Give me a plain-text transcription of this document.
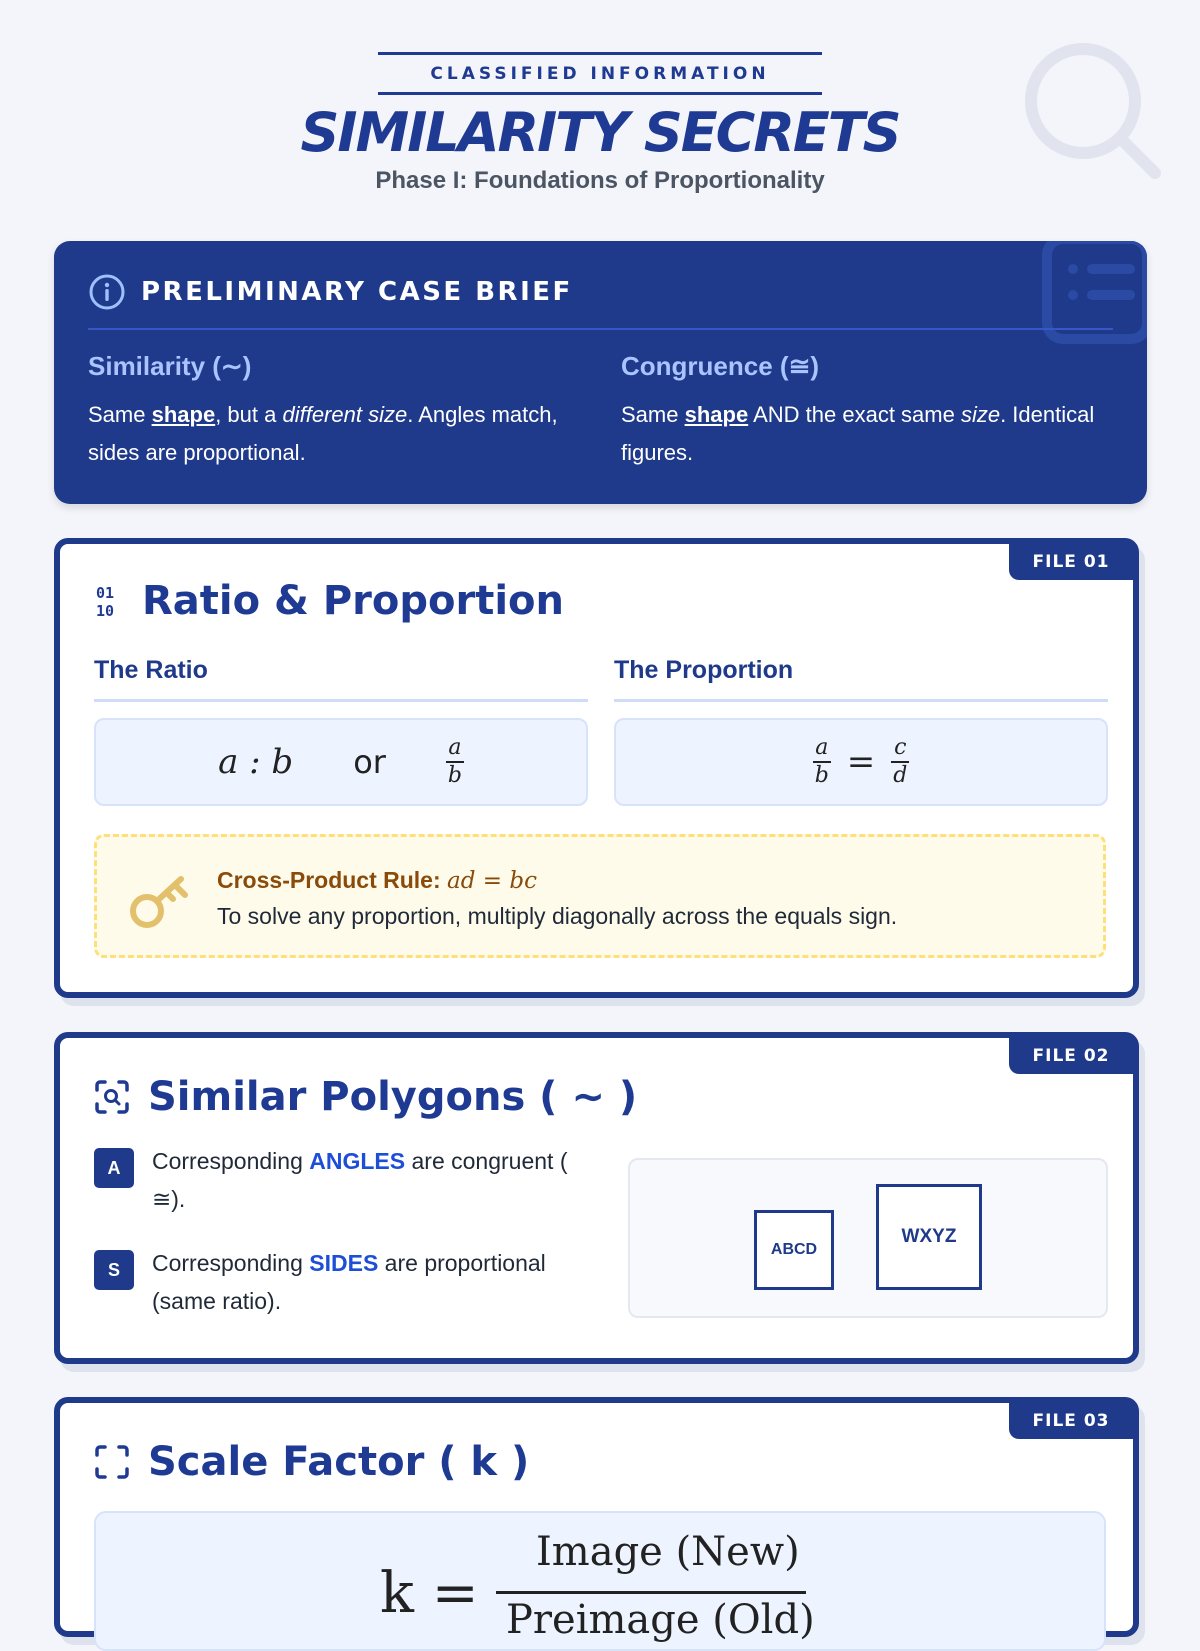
CLASSIFIED INFORMATION
SIMILARITY SECRETS
Phase I: Foundations of Proportionality
PRELIMINARY CASE BRIEF
Similarity (∼)
Same shape, but a different size. Angles match, sides are proportional.
Congruence (≅)
Same shape AND the exact same size. Identical figures.
FILE 01
01
10 Ratio & Proportion
The Ratio	The Proportion
a : b or	$\frac{a}{b}$	$\frac{a}{b} = \frac{c}{d}$
Cross-Product Rule: ad = bc
To solve any proportion, multiply diagonally across the equals sign.
FILE 02
Similar Polygons ( ∼ )
A	Corresponding ANGLES are congruent ( ≅).
S	Corresponding SIDES are proportional (same ratio).
ABCD
WXYZ
FILE 03
Scale Factor ( k )
k =
Image (New)
Preimage (Old)
